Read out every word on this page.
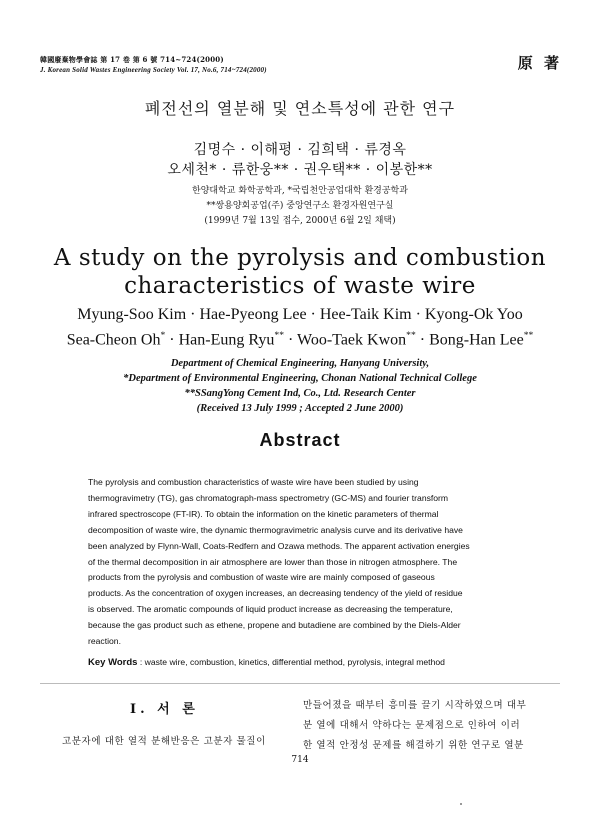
韓國廢棄物學會誌 第 17 卷 第 6 號 714~724(2000)
J. Korean Solid Wastes Engineering Society Vol. 17, No.6, 714~724(2000)	原 著
폐전선의 열분해 및 연소특성에 관한 연구
김명수 · 이해평 · 김희택 · 류경옥
오세천* · 류한웅** · 권우택** · 이봉한**
한양대학교 화학공학과, *국립천안공업대학 환경공학과
**쌍용양회공업(주) 중앙연구소 환경자원연구실
(1999년 7월 13일 접수, 2000년 6월 2일 채택)
A study on the pyrolysis and combustion
characteristics of waste wire
Myung-Soo Kim · Hae-Pyeong Lee · Hee-Taik Kim · Kyong-Ok Yoo
Sea-Cheon Oh* · Han-Eung Ryu** · Woo-Taek Kwon** · Bong-Han Lee**
Department of Chemical Engineering, Hanyang University,
*Department of Environmental Engineering, Chonan National Technical College
**SSangYong Cement Ind, Co., Ltd. Research Center
(Received 13 July 1999 ; Accepted 2 June 2000)
Abstract

The pyrolysis and combustion characteristics of waste wire have been studied by using

thermogravimetry (TG), gas chromatograph-mass spectrometry (GC-MS) and fourier transform

infrared spectroscope (FT-IR). To obtain the information on the kinetic parameters of thermal

decomposition of waste wire, the dynamic thermogravimetric analysis curve and its derivative have

been analyzed by Flynn-Wall, Coats-Redfern and Ozawa methods. The apparent activation energies

of the thermal decomposition in air atmosphere are lower than those in nitrogen atmosphere. The

products from the pyrolysis and combustion of waste wire are mainly composed of gaseous

products. As the concentration of oxygen increases, an decreasing tendency of the yield of residue

is observed. The aromatic compounds of liquid product increase as decreasing the temperature,

because the gas product such as ethene, propene and butadiene are combined by the Diels-Alder

reaction.

Key Words : waste wire, combustion, kinetics, differential method, pyrolysis, integral method
Ⅰ. 서 론
고분자에 대한 열적 분해반응은 고분자 물질이
만들어졌을 때부터 흥미를 끌기 시작하였으며 대부
분 열에 대해서 약하다는 문제점으로 인하여 이러
한 열적 안정성 문제를 해결하기 위한 연구로 열분
714
